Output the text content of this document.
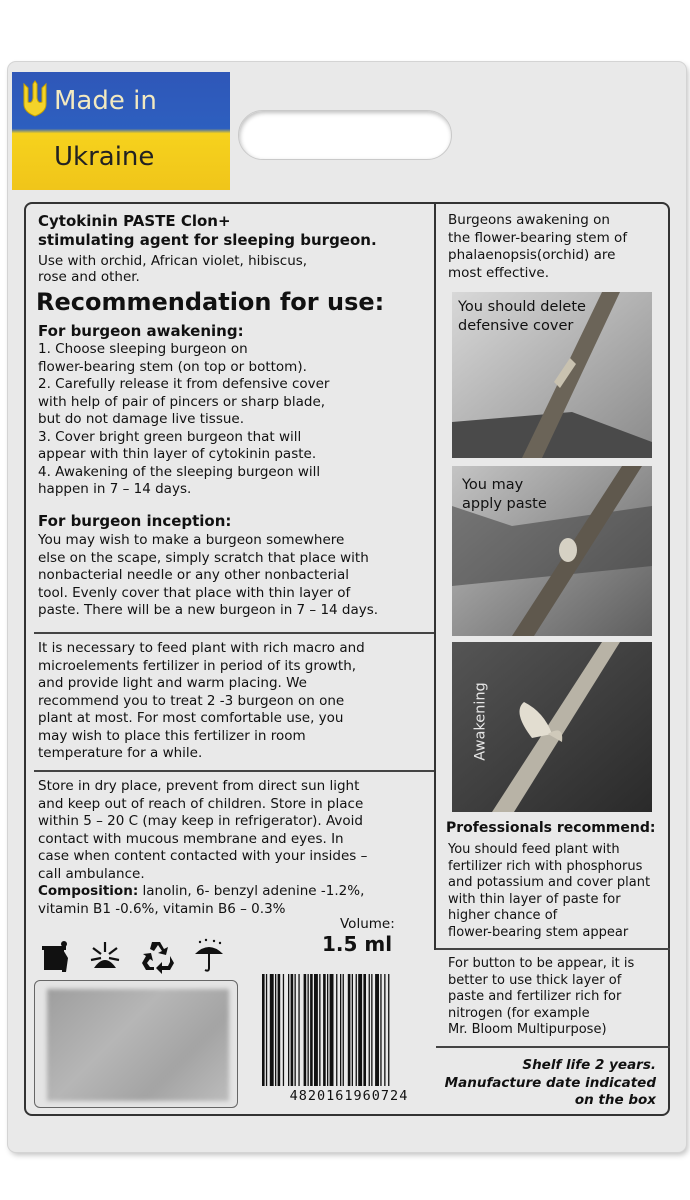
Made in
Ukraine
Cytokinin PASTE Clon+
stimulating agent for sleeping burgeon.
Use with orchid, African violet, hibiscus,
rose and other.
Recommendation for use:
For burgeon awakening:
1. Choose sleeping burgeon on
flower-bearing stem (on top or bottom).
2. Carefully release it from defensive cover
with help of pair of pincers or sharp blade,
but do not damage live tissue.
3. Cover bright green burgeon that will
appear with thin layer of cytokinin paste.
4. Awakening of the sleeping burgeon will
happen in 7 – 14 days.
For burgeon inception:
You may wish to make a burgeon somewhere
else on the scape, simply scratch that place with
nonbacterial needle or any other nonbacterial
tool. Evenly cover that place with thin layer of
paste. There will be a new burgeon in 7 – 14 days.
It is necessary to feed plant with rich macro and
microelements fertilizer in period of its growth,
and provide light and warm placing. We
recommend you to treat 2 -3 burgeon on one
plant at most. For most comfortable use, you
may wish to place this fertilizer in room
temperature for a while.
Store in dry place, prevent from direct sun light
and keep out of reach of children. Store in place
within 5 – 20 C (may keep in refrigerator). Avoid
contact with mucous membrane and eyes. In
case when content contacted with your insides –
call ambulance.
Composition: lanolin, 6- benzyl adenine -1.2%,
vitamin B1 -0.6%, vitamin B6 – 0.3%
Volume:
1.5 ml
4820161960724
Burgeons awakening on
the flower-bearing stem of
phalaenopsis(orchid) are
most effective.
You should delete
defensive cover
You may
apply paste
Awakening
Professionals recommend:
You should feed plant with
fertilizer rich with phosphorus
and potassium and cover plant
with thin layer of paste for
higher chance of
flower-bearing stem appear
For button to be appear, it is
better to use thick layer of
paste and fertilizer rich for
nitrogen (for example
Mr. Bloom Multipurpose)
Shelf life 2 years.
Manufacture date indicated
on the box
